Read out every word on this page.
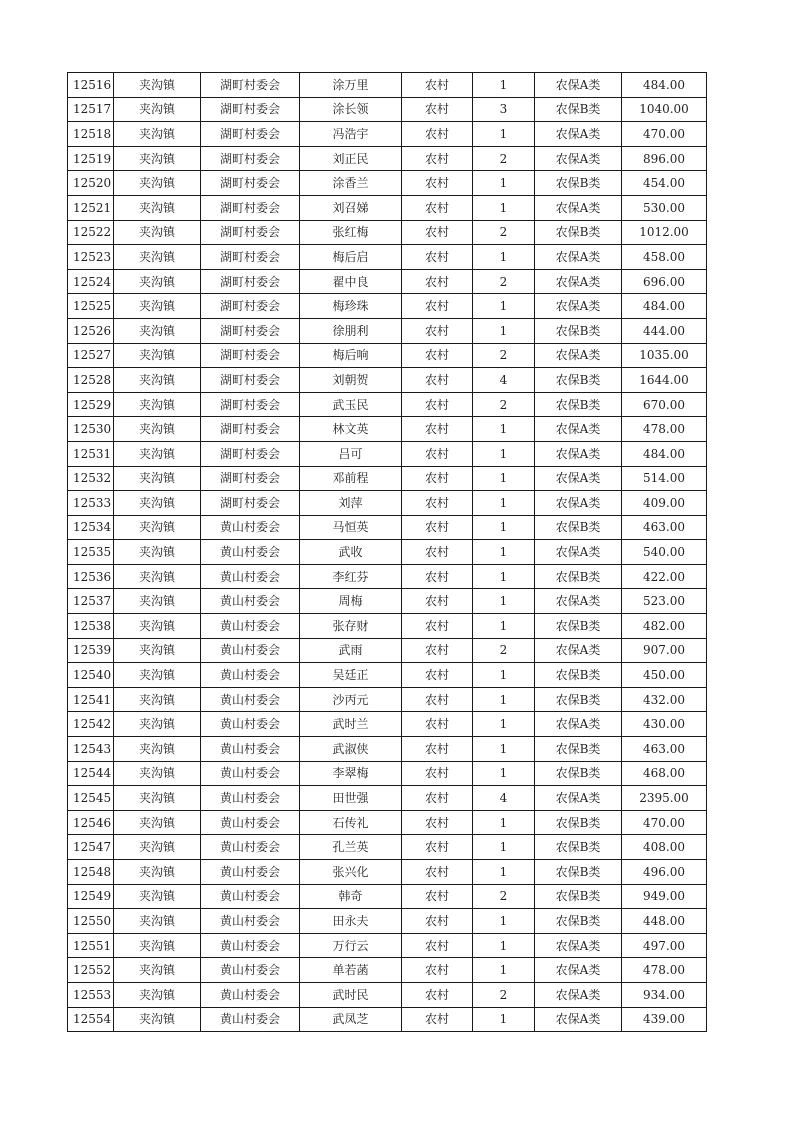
12516	夹沟镇	湖町村委会	涂万里	农村	1	农保A类	484.00
12517	夹沟镇	湖町村委会	涂长领	农村	3	农保B类	1040.00
12518	夹沟镇	湖町村委会	冯浩宇	农村	1	农保A类	470.00
12519	夹沟镇	湖町村委会	刘正民	农村	2	农保A类	896.00
12520	夹沟镇	湖町村委会	涂香兰	农村	1	农保B类	454.00
12521	夹沟镇	湖町村委会	刘召娣	农村	1	农保A类	530.00
12522	夹沟镇	湖町村委会	张红梅	农村	2	农保B类	1012.00
12523	夹沟镇	湖町村委会	梅后启	农村	1	农保A类	458.00
12524	夹沟镇	湖町村委会	翟中良	农村	2	农保A类	696.00
12525	夹沟镇	湖町村委会	梅珍珠	农村	1	农保A类	484.00
12526	夹沟镇	湖町村委会	徐朋利	农村	1	农保B类	444.00
12527	夹沟镇	湖町村委会	梅后响	农村	2	农保A类	1035.00
12528	夹沟镇	湖町村委会	刘朝贺	农村	4	农保B类	1644.00
12529	夹沟镇	湖町村委会	武玉民	农村	2	农保B类	670.00
12530	夹沟镇	湖町村委会	林文英	农村	1	农保A类	478.00
12531	夹沟镇	湖町村委会	吕可	农村	1	农保A类	484.00
12532	夹沟镇	湖町村委会	邓前程	农村	1	农保A类	514.00
12533	夹沟镇	湖町村委会	刘萍	农村	1	农保A类	409.00
12534	夹沟镇	黄山村委会	马恒英	农村	1	农保B类	463.00
12535	夹沟镇	黄山村委会	武收	农村	1	农保A类	540.00
12536	夹沟镇	黄山村委会	李红芬	农村	1	农保B类	422.00
12537	夹沟镇	黄山村委会	周梅	农村	1	农保A类	523.00
12538	夹沟镇	黄山村委会	张存财	农村	1	农保B类	482.00
12539	夹沟镇	黄山村委会	武雨	农村	2	农保A类	907.00
12540	夹沟镇	黄山村委会	吴廷正	农村	1	农保B类	450.00
12541	夹沟镇	黄山村委会	沙丙元	农村	1	农保B类	432.00
12542	夹沟镇	黄山村委会	武时兰	农村	1	农保A类	430.00
12543	夹沟镇	黄山村委会	武淑侠	农村	1	农保B类	463.00
12544	夹沟镇	黄山村委会	李翠梅	农村	1	农保B类	468.00
12545	夹沟镇	黄山村委会	田世强	农村	4	农保A类	2395.00
12546	夹沟镇	黄山村委会	石传礼	农村	1	农保B类	470.00
12547	夹沟镇	黄山村委会	孔兰英	农村	1	农保B类	408.00
12548	夹沟镇	黄山村委会	张兴化	农村	1	农保B类	496.00
12549	夹沟镇	黄山村委会	韩奇	农村	2	农保B类	949.00
12550	夹沟镇	黄山村委会	田永夫	农村	1	农保B类	448.00
12551	夹沟镇	黄山村委会	万行云	农村	1	农保A类	497.00
12552	夹沟镇	黄山村委会	单若菡	农村	1	农保A类	478.00
12553	夹沟镇	黄山村委会	武时民	农村	2	农保A类	934.00
12554	夹沟镇	黄山村委会	武凤芝	农村	1	农保A类	439.00
